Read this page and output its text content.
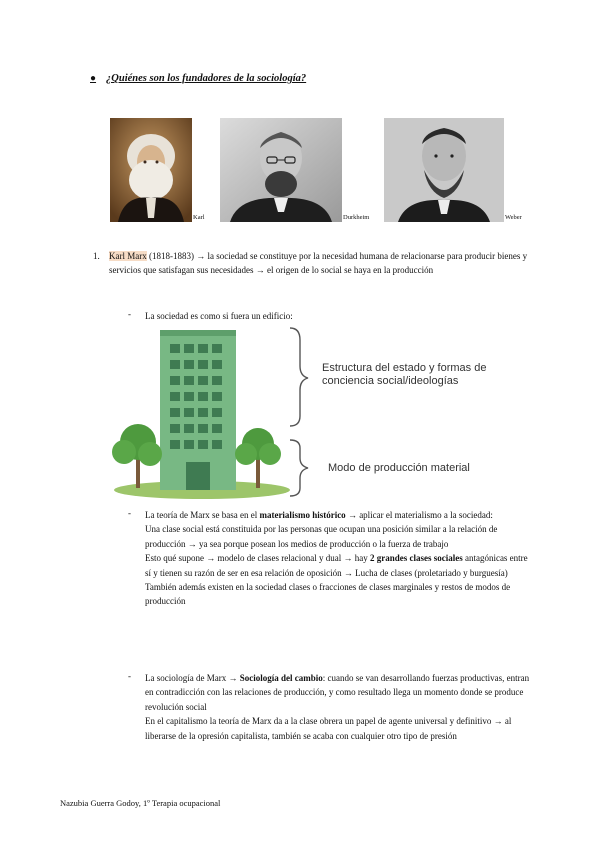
● ¿Quiénes son los fundadores de la sociología?
Karl	Durkheim	Weber
1. Karl Marx (1818-1883) → la sociedad se constituye por la necesidad humana de relacionarse para producir bienes y servicios que satisfagan sus necesidades → el origen de lo social se haya en la producción
- La sociedad es como si fuera un edificio:
Estructura del estado y formas de conciencia social/ideologías
Modo de producción material
- La teoría de Marx se basa en el materialismo histórico → aplicar el materialismo a la sociedad:
Una clase social está constituida por las personas que ocupan una posición similar a la relación de producción → ya sea porque posean los medios de producción o la fuerza de trabajo
Esto qué supone → modelo de clases relacional y dual → hay 2 grandes clases sociales antagónicas entre sí y tienen su razón de ser en esa relación de oposición → Lucha de clases (proletariado y burguesía)
También además existen en la sociedad clases o fracciones de clases marginales y restos de modos de producción
- La sociología de Marx → Sociología del cambio: cuando se van desarrollando fuerzas productivas, entran en contradicción con las relaciones de producción, y como resultado llega un momento donde se produce revolución social
En el capitalismo la teoría de Marx da a la clase obrera un papel de agente universal y definitivo → al liberarse de la opresión capitalista, también se acaba con cualquier otro tipo de presión
Nazubia Guerra Godoy, 1º Terapia ocupacional
